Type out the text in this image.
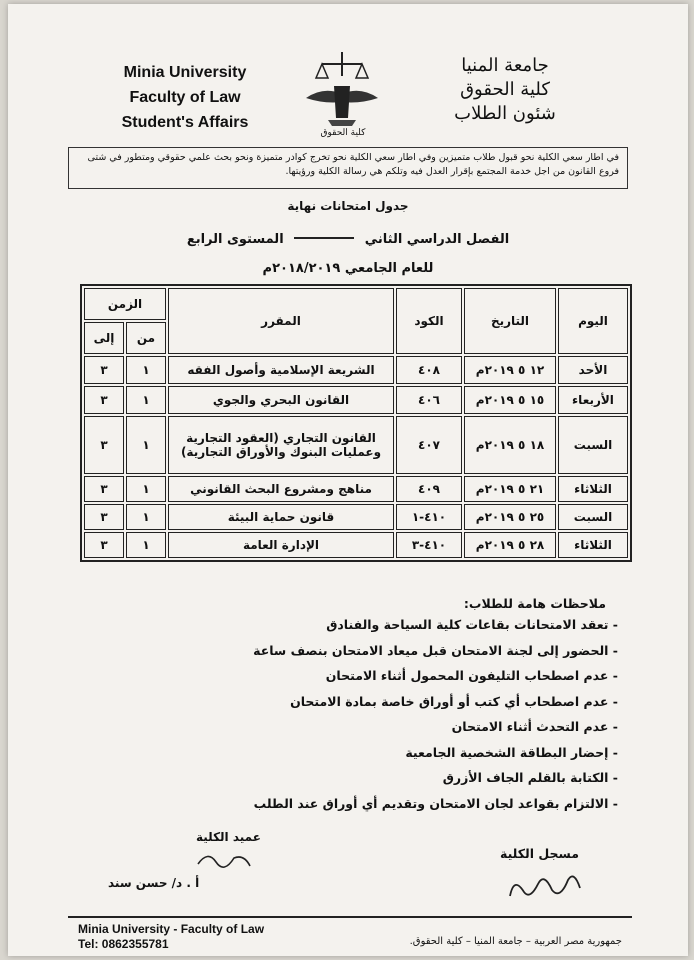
Minia University
Faculty of Law
Student's Affairs
كلية الحقوق
جامعة المنيا
كلية الحقوق
شئون الطلاب
في اطار سعي الكلية نحو قبول طلاب متميزين وفي اطار سعي الكلية نحو تخرج كوادر متميزة ونحو بحث علمي حقوقي ومتطور في شتى فروع القانون من اجل خدمة المجتمع بإقرار العدل فيه وتلكم هي رسالة الكلية ورؤيتها.
جدول امتحانات نهاية
الفصل الدراسي الثاني  المستوى الرابع
للعام الجامعي ٢٠١٨/٢٠١٩م
اليوم	التاريخ	الكود	المقرر	الزمن	
				من	إلى
الأحد	١٢ ٥ ٢٠١٩م	٤٠٨	الشريعة الإسلامية وأصول الفقه	١	٣
الأربعاء	١٥ ٥ ٢٠١٩م	٤٠٦	القانون البحري والجوي	١	٣
السبت	١٨ ٥ ٢٠١٩م	٤٠٧	القانون التجاري (العقود التجارية
وعمليات البنوك والأوراق التجارية)	١	٣
الثلاثاء	٢١ ٥ ٢٠١٩م	٤٠٩	مناهج ومشروع البحث القانوني	١	٣
السبت	٢٥ ٥ ٢٠١٩م	٤١٠-١	قانون حماية البيئة	١	٣
الثلاثاء	٢٨ ٥ ٢٠١٩م	٤١٠-٣	الإدارة العامة	١	٣
ملاحظات هامة للطلاب:
- تعقد الامتحانات بقاعات كلية السياحة والفنادق
- الحضور إلى لجنة الامتحان قبل ميعاد الامتحان بنصف ساعة
- عدم اصطحاب التليفون المحمول أثناء الامتحان
- عدم اصطحاب أي كتب أو أوراق خاصة بمادة الامتحان
- عدم التحدث أثناء الامتحان
- إحضار البطاقة الشخصية الجامعية
- الكتابة بالقلم الجاف الأزرق
- الالتزام بقواعد لجان الامتحان وتقديم أي أوراق عند الطلب
عميد الكلية
أ . د/ حسن سند
مسجل الكلية
Minia University - Faculty of Law
Tel: 0862355781	جمهورية مصر العربية – جامعة المنيا – كلية الحقوق.
